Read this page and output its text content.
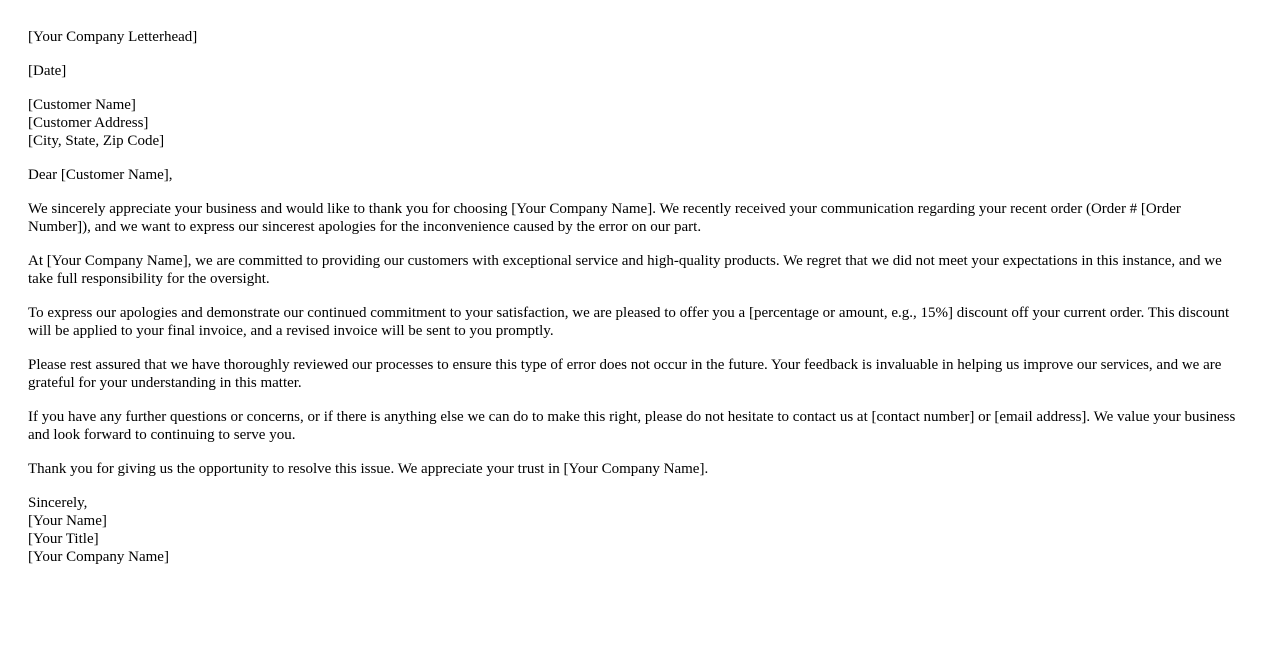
[Your Company Letterhead]
[Date]
[Customer Name]
[Customer Address]
[City, State, Zip Code]
Dear [Customer Name],

We sincerely appreciate your business and would like to thank you for choosing [Your Company Name]. We recently received your communication regarding your recent order (Order # [Order Number]), and we want to express our sincerest apologies for the inconvenience caused by the error on our part.

At [Your Company Name], we are committed to providing our customers with exceptional service and high-quality products. We regret that we did not meet your expectations in this instance, and we take full responsibility for the oversight.

To express our apologies and demonstrate our continued commitment to your satisfaction, we are pleased to offer you a [percentage or amount, e.g., 15%] discount off your current order. This discount will be applied to your final invoice, and a revised invoice will be sent to you promptly.

Please rest assured that we have thoroughly reviewed our processes to ensure this type of error does not occur in the future. Your feedback is invaluable in helping us improve our services, and we are grateful for your understanding in this matter.

If you have any further questions or concerns, or if there is anything else we can do to make this right, please do not hesitate to contact us at [contact number] or [email address]. We value your business and look forward to continuing to serve you.

Thank you for giving us the opportunity to resolve this issue. We appreciate your trust in [Your Company Name].

Sincerely,
[Your Name]
[Your Title]
[Your Company Name]
